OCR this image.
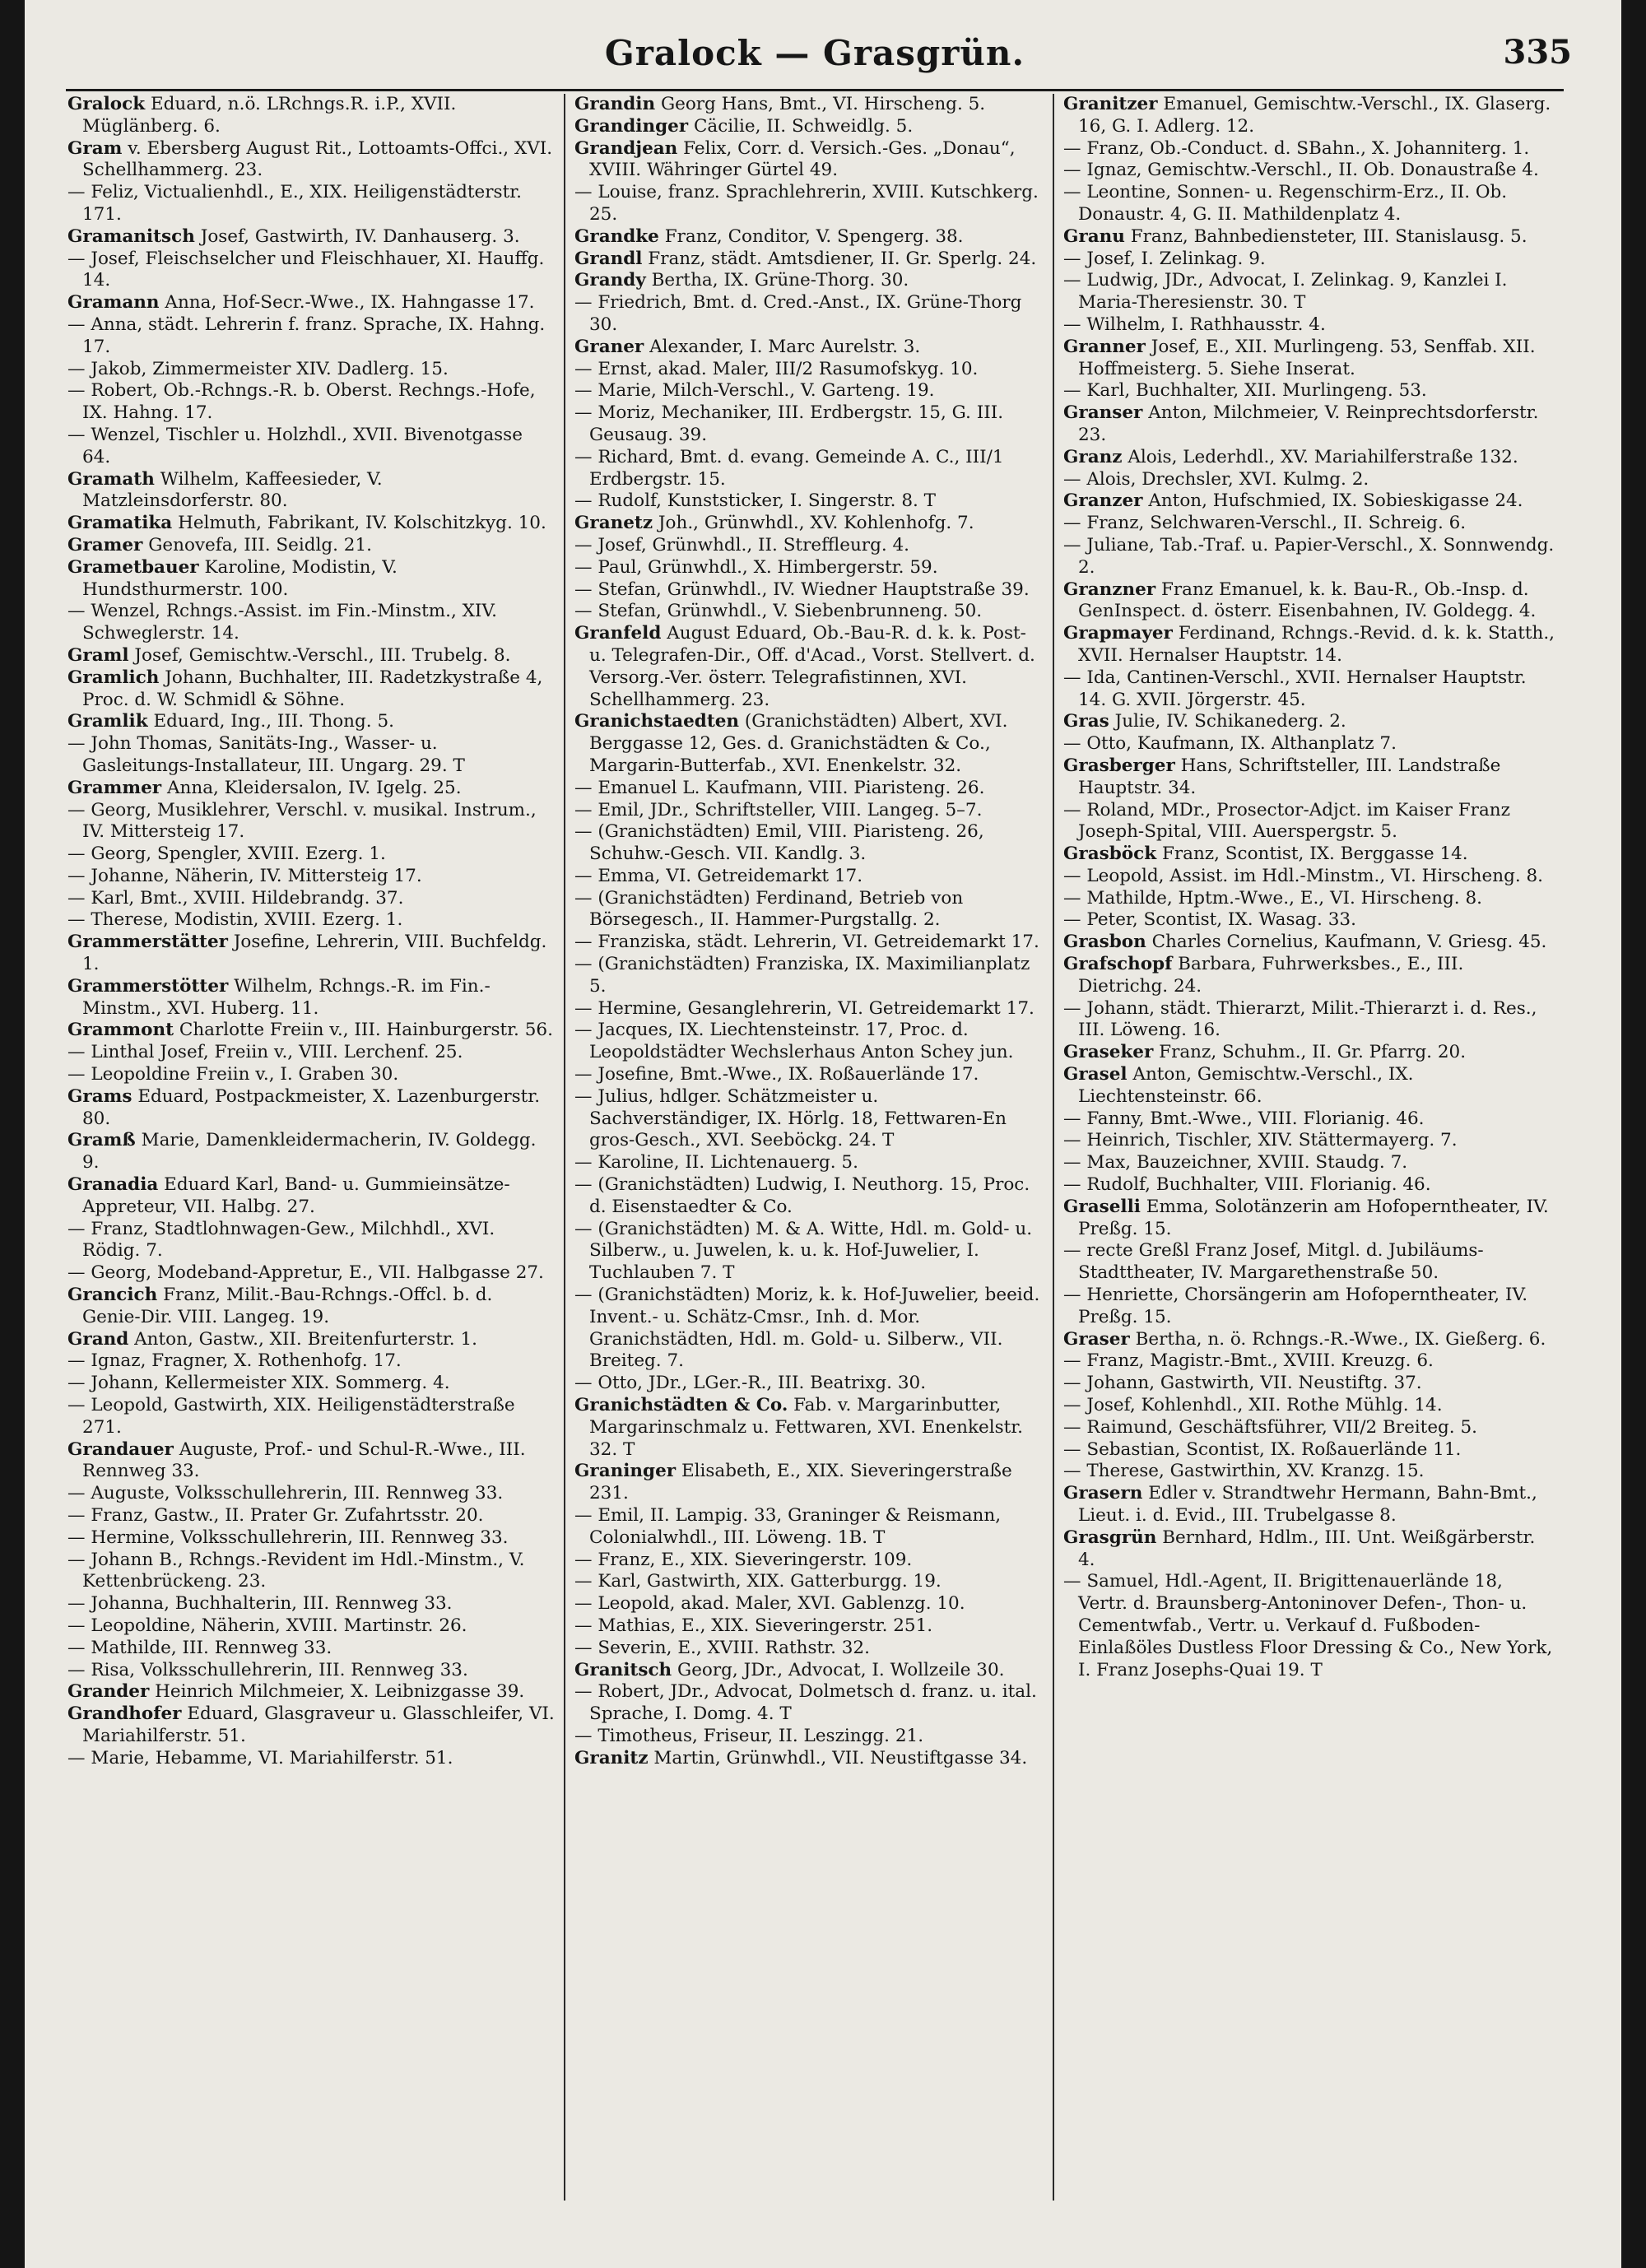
Gralock — Grasgrün.	335

Gralock Eduard, n.ö. LRchngs.R. i.P., XVII. Müglänberg. 6.

Gram v. Ebersberg August Rit., Lottoamts-Offci., XVI. Schellhammerg. 23.

— Feliz, Victualienhdl., E., XIX. Heiligenstädterstr. 171.

Gramanitsch Josef, Gastwirth, IV. Danhauserg. 3.

— Josef, Fleischselcher und Fleischhauer, XI. Hauffg. 14.

Gramann Anna, Hof-Secr.-Wwe., IX. Hahngasse 17.

— Anna, städt. Lehrerin f. franz. Sprache, IX. Hahng. 17.

— Jakob, Zimmermeister XIV. Dadlerg. 15.

— Robert, Ob.-Rchngs.-R. b. Oberst. Rechngs.-Hofe, IX. Hahng. 17.

— Wenzel, Tischler u. Holzhdl., XVII. Bivenotgasse 64.

Gramath Wilhelm, Kaffeesieder, V. Matzleinsdorferstr. 80.

Gramatika Helmuth, Fabrikant, IV. Kolschitzkyg. 10.

Gramer Genovefa, III. Seidlg. 21.

Grametbauer Karoline, Modistin, V. Hundsthurmerstr. 100.

— Wenzel, Rchngs.-Assist. im Fin.-Minstm., XIV. Schweglerstr. 14.

Graml Josef, Gemischtw.-Verschl., III. Trubelg. 8.

Gramlich Johann, Buchhalter, III. Radetzkystraße 4, Proc. d. W. Schmidl & Söhne.

Gramlik Eduard, Ing., III. Thong. 5.

— John Thomas, Sanitäts-Ing., Wasser- u. Gasleitungs-Installateur, III. Ungarg. 29. T

Grammer Anna, Kleidersalon, IV. Igelg. 25.

— Georg, Musiklehrer, Verschl. v. musikal. Instrum., IV. Mittersteig 17.

— Georg, Spengler, XVIII. Ezerg. 1.

— Johanne, Näherin, IV. Mittersteig 17.

— Karl, Bmt., XVIII. Hildebrandg. 37.

— Therese, Modistin, XVIII. Ezerg. 1.

Grammerstätter Josefine, Lehrerin, VIII. Buchfeldg. 1.

Grammerstötter Wilhelm, Rchngs.-R. im Fin.-Minstm., XVI. Huberg. 11.

Grammont Charlotte Freiin v., III. Hainburgerstr. 56.

— Linthal Josef, Freiin v., VIII. Lerchenf. 25.

— Leopoldine Freiin v., I. Graben 30.

Grams Eduard, Postpackmeister, X. Lazenburgerstr. 80.

Gramß Marie, Damenkleidermacherin, IV. Goldegg. 9.

Granadia Eduard Karl, Band- u. Gummieinsätze-Appreteur, VII. Halbg. 27.

— Franz, Stadtlohnwagen-Gew., Milchhdl., XVI. Rödig. 7.

— Georg, Modeband-Appretur, E., VII. Halbgasse 27.

Grancich Franz, Milit.-Bau-Rchngs.-Offcl. b. d. Genie-Dir. VIII. Langeg. 19.

Grand Anton, Gastw., XII. Breitenfurterstr. 1.

— Ignaz, Fragner, X. Rothenhofg. 17.

— Johann, Kellermeister XIX. Sommerg. 4.

— Leopold, Gastwirth, XIX. Heiligenstädterstraße 271.

Grandauer Auguste, Prof.- und Schul-R.-Wwe., III. Rennweg 33.

— Auguste, Volksschullehrerin, III. Rennweg 33.

— Franz, Gastw., II. Prater Gr. Zufahrtsstr. 20.

— Hermine, Volksschullehrerin, III. Rennweg 33.

— Johann B., Rchngs.-Revident im Hdl.-Minstm., V. Kettenbrückeng. 23.

— Johanna, Buchhalterin, III. Rennweg 33.

— Leopoldine, Näherin, XVIII. Martinstr. 26.

— Mathilde, III. Rennweg 33.

— Risa, Volksschullehrerin, III. Rennweg 33.

Grander Heinrich Milchmeier, X. Leibnizgasse 39.

Grandhofer Eduard, Glasgraveur u. Glasschleifer, VI. Mariahilferstr. 51.

— Marie, Hebamme, VI. Mariahilferstr. 51.

Grandin Georg Hans, Bmt., VI. Hirscheng. 5.

Grandinger Cäcilie, II. Schweidlg. 5.

Grandjean Felix, Corr. d. Versich.-Ges. „Donau“, XVIII. Währinger Gürtel 49.

— Louise, franz. Sprachlehrerin, XVIII. Kutschkerg. 25.

Grandke Franz, Conditor, V. Spengerg. 38.

Grandl Franz, städt. Amtsdiener, II. Gr. Sperlg. 24.

Grandy Bertha, IX. Grüne-Thorg. 30.

— Friedrich, Bmt. d. Cred.-Anst., IX. Grüne-Thorg 30.

Graner Alexander, I. Marc Aurelstr. 3.

— Ernst, akad. Maler, III/2 Rasumofskyg. 10.

— Marie, Milch-Verschl., V. Garteng. 19.

— Moriz, Mechaniker, III. Erdbergstr. 15, G. III. Geusaug. 39.

— Richard, Bmt. d. evang. Gemeinde A. C., III/1 Erdbergstr. 15.

— Rudolf, Kunststicker, I. Singerstr. 8. T

Granetz Joh., Grünwhdl., XV. Kohlenhofg. 7.

— Josef, Grünwhdl., II. Streffleurg. 4.

— Paul, Grünwhdl., X. Himbergerstr. 59.

— Stefan, Grünwhdl., IV. Wiedner Hauptstraße 39.

— Stefan, Grünwhdl., V. Siebenbrunneng. 50.

Granfeld August Eduard, Ob.-Bau-R. d. k. k. Post- u. Telegrafen-Dir., Off. d'Acad., Vorst. Stellvert. d. Versorg.-Ver. österr. Telegrafistinnen, XVI. Schellhammerg. 23.

Granichstaedten (Granichstädten) Albert, XVI. Berggasse 12, Ges. d. Granichstädten & Co., Margarin-Butterfab., XVI. Enenkelstr. 32.

— Emanuel L. Kaufmann, VIII. Piaristeng. 26.

— Emil, JDr., Schriftsteller, VIII. Langeg. 5–7.

— (Granichstädten) Emil, VIII. Piaristeng. 26, Schuhw.-Gesch. VII. Kandlg. 3.

— Emma, VI. Getreidemarkt 17.

— (Granichstädten) Ferdinand, Betrieb von Börsegesch., II. Hammer-Purgstallg. 2.

— Franziska, städt. Lehrerin, VI. Getreidemarkt 17.

— (Granichstädten) Franziska, IX. Maximilianplatz 5.

— Hermine, Gesanglehrerin, VI. Getreidemarkt 17.

— Jacques, IX. Liechtensteinstr. 17, Proc. d. Leopoldstädter Wechslerhaus Anton Schey jun.

— Josefine, Bmt.-Wwe., IX. Roßauerlände 17.

— Julius, hdlger. Schätzmeister u. Sachverständiger, IX. Hörlg. 18, Fettwaren-En gros-Gesch., XVI. Seeböckg. 24. T

— Karoline, II. Lichtenauerg. 5.

— (Granichstädten) Ludwig, I. Neuthorg. 15, Proc. d. Eisenstaedter & Co.

— (Granichstädten) M. & A. Witte, Hdl. m. Gold- u. Silberw., u. Juwelen, k. u. k. Hof-Juwelier, I. Tuchlauben 7. T

— (Granichstädten) Moriz, k. k. Hof-Juwelier, beeid. Invent.- u. Schätz-Cmsr., Inh. d. Mor. Granichstädten, Hdl. m. Gold- u. Silberw., VII. Breiteg. 7.

— Otto, JDr., LGer.-R., III. Beatrixg. 30.

Granichstädten & Co. Fab. v. Margarinbutter, Margarinschmalz u. Fettwaren, XVI. Enenkelstr. 32. T

Graninger Elisabeth, E., XIX. Sieveringerstraße 231.

— Emil, II. Lampig. 33, Graninger & Reismann, Colonialwhdl., III. Löweng. 1B. T

— Franz, E., XIX. Sieveringerstr. 109.

— Karl, Gastwirth, XIX. Gatterburgg. 19.

— Leopold, akad. Maler, XVI. Gablenzg. 10.

— Mathias, E., XIX. Sieveringerstr. 251.

— Severin, E., XVIII. Rathstr. 32.

Granitsch Georg, JDr., Advocat, I. Wollzeile 30.

— Robert, JDr., Advocat, Dolmetsch d. franz. u. ital. Sprache, I. Domg. 4. T

— Timotheus, Friseur, II. Leszingg. 21.

Granitz Martin, Grünwhdl., VII. Neustiftgasse 34.

Granitzer Emanuel, Gemischtw.-Verschl., IX. Glaserg. 16, G. I. Adlerg. 12.

— Franz, Ob.-Conduct. d. SBahn., X. Johanniterg. 1.

— Ignaz, Gemischtw.-Verschl., II. Ob. Donaustraße 4.

— Leontine, Sonnen- u. Regenschirm-Erz., II. Ob. Donaustr. 4, G. II. Mathildenplatz 4.

Granu Franz, Bahnbediensteter, III. Stanislausg. 5.

— Josef, I. Zelinkag. 9.

— Ludwig, JDr., Advocat, I. Zelinkag. 9, Kanzlei I. Maria-Theresienstr. 30. T

— Wilhelm, I. Rathhausstr. 4.

Granner Josef, E., XII. Murlingeng. 53, Senffab. XII. Hoffmeisterg. 5. Siehe Inserat.

— Karl, Buchhalter, XII. Murlingeng. 53.

Granser Anton, Milchmeier, V. Reinprechtsdorferstr. 23.

Granz Alois, Lederhdl., XV. Mariahilferstraße 132.

— Alois, Drechsler, XVI. Kulmg. 2.

Granzer Anton, Hufschmied, IX. Sobieskigasse 24.

— Franz, Selchwaren-Verschl., II. Schreig. 6.

— Juliane, Tab.-Traf. u. Papier-Verschl., X. Sonnwendg. 2.

Granzner Franz Emanuel, k. k. Bau-R., Ob.-Insp. d. GenInspect. d. österr. Eisenbahnen, IV. Goldegg. 4.

Grapmayer Ferdinand, Rchngs.-Revid. d. k. k. Statth., XVII. Hernalser Hauptstr. 14.

— Ida, Cantinen-Verschl., XVII. Hernalser Hauptstr. 14. G. XVII. Jörgerstr. 45.

Gras Julie, IV. Schikanederg. 2.

— Otto, Kaufmann, IX. Althanplatz 7.

Grasberger Hans, Schriftsteller, III. Landstraße Hauptstr. 34.

— Roland, MDr., Prosector-Adjct. im Kaiser Franz Joseph-Spital, VIII. Auerspergstr. 5.

Grasböck Franz, Scontist, IX. Berggasse 14.

— Leopold, Assist. im Hdl.-Minstm., VI. Hirscheng. 8.

— Mathilde, Hptm.-Wwe., E., VI. Hirscheng. 8.

— Peter, Scontist, IX. Wasag. 33.

Grasbon Charles Cornelius, Kaufmann, V. Griesg. 45.

Grafschopf Barbara, Fuhrwerksbes., E., III. Dietrichg. 24.

— Johann, städt. Thierarzt, Milit.-Thierarzt i. d. Res., III. Löweng. 16.

Graseker Franz, Schuhm., II. Gr. Pfarrg. 20.

Grasel Anton, Gemischtw.-Verschl., IX. Liechtensteinstr. 66.

— Fanny, Bmt.-Wwe., VIII. Florianig. 46.

— Heinrich, Tischler, XIV. Stättermayerg. 7.

— Max, Bauzeichner, XVIII. Staudg. 7.

— Rudolf, Buchhalter, VIII. Florianig. 46.

Graselli Emma, Solotänzerin am Hofoperntheater, IV. Preßg. 15.

— recte Greßl Franz Josef, Mitgl. d. Jubiläums-Stadttheater, IV. Margarethenstraße 50.

— Henriette, Chorsängerin am Hofoperntheater, IV. Preßg. 15.

Graser Bertha, n. ö. Rchngs.-R.-Wwe., IX. Gießerg. 6.

— Franz, Magistr.-Bmt., XVIII. Kreuzg. 6.

— Johann, Gastwirth, VII. Neustiftg. 37.

— Josef, Kohlenhdl., XII. Rothe Mühlg. 14.

— Raimund, Geschäftsführer, VII/2 Breiteg. 5.

— Sebastian, Scontist, IX. Roßauerlände 11.

— Therese, Gastwirthin, XV. Kranzg. 15.

Grasern Edler v. Strandtwehr Hermann, Bahn-Bmt., Lieut. i. d. Evid., III. Trubelgasse 8.

Grasgrün Bernhard, Hdlm., III. Unt. Weißgärberstr. 4.

— Samuel, Hdl.-Agent, II. Brigittenauerlände 18, Vertr. d. Braunsberg-Antoninover Defen-, Thon- u. Cementwfab., Vertr. u. Verkauf d. Fußboden-Einlaßöles Dustless Floor Dressing & Co., New York, I. Franz Josephs-Quai 19. T
